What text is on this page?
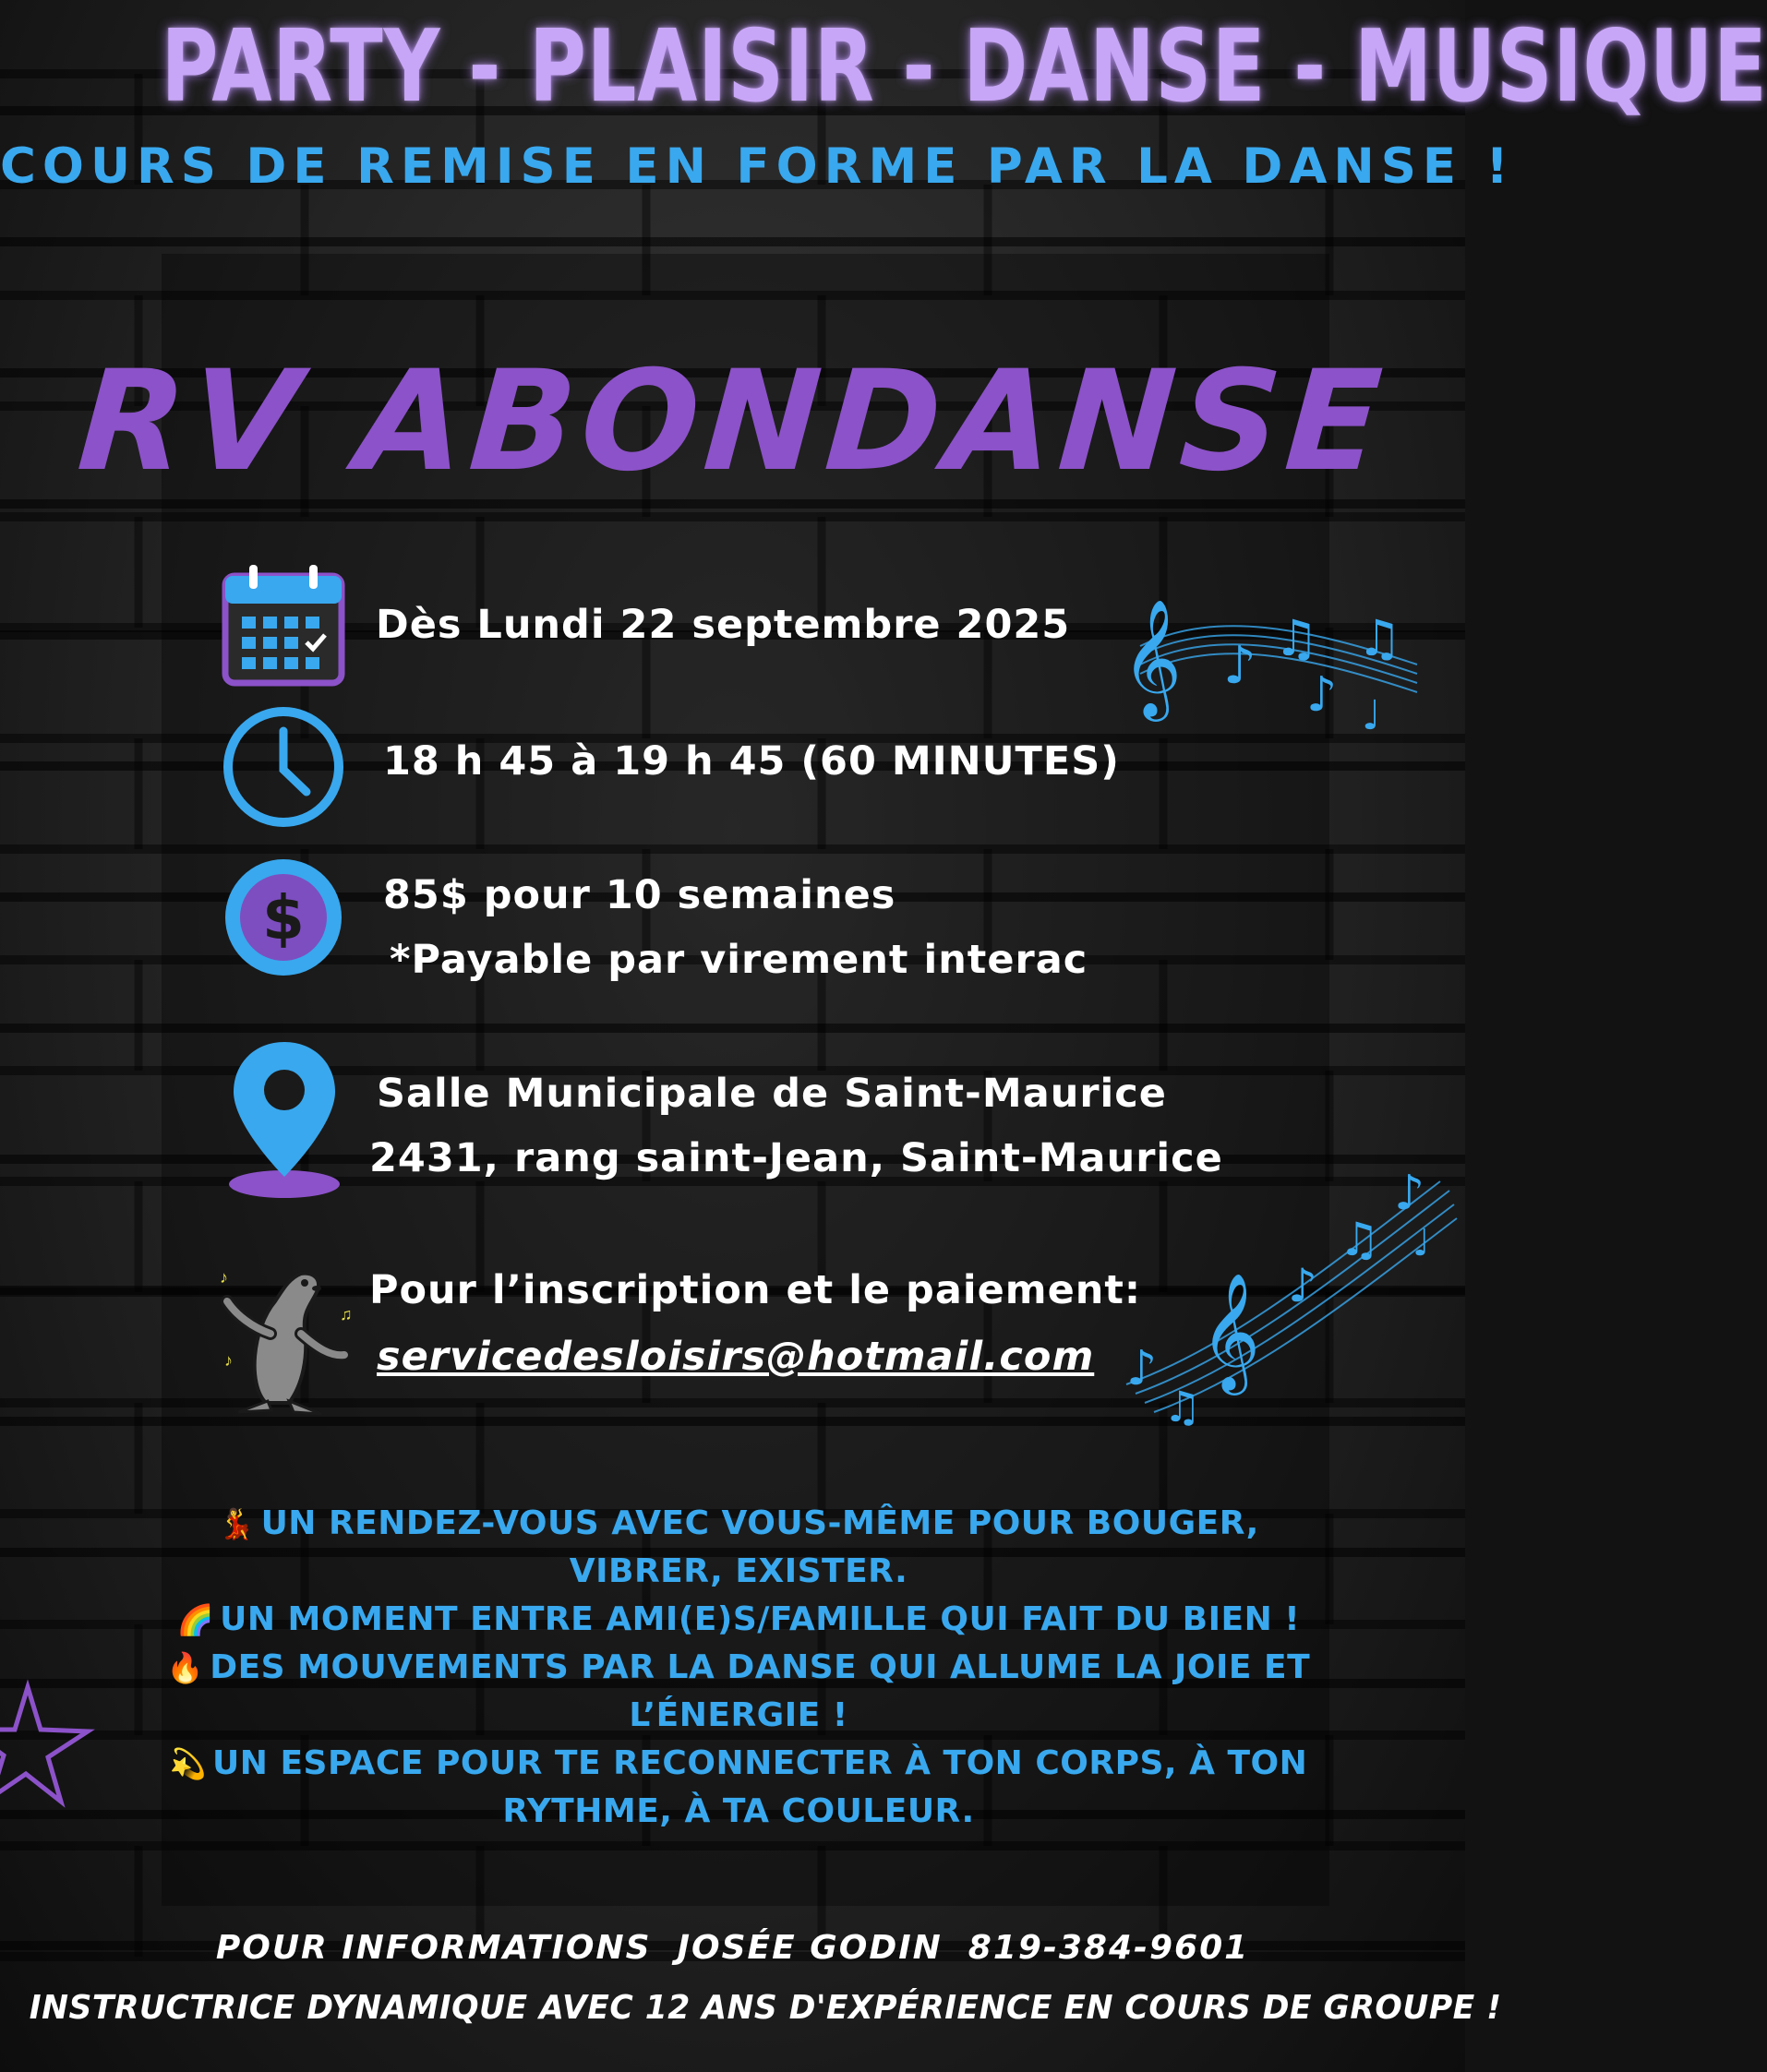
PARTY - PLAISIR - DANSE - MUSIQUE
COURS DE REMISE EN FORME PAR LA DANSE !
RV ABONDANSE
Dès Lundi 22 septembre 2025
18 h 45 à 19 h 45 (60 MINUTES)
$ 85$ pour 10 semaines
*Payable par virement interac
Salle Municipale de Saint-Maurice
2431, rang saint-Jean, Saint-Maurice
♪
♫
♪
Pour l’inscription et le paiement:
servicedesloisirs@hotmail.com
𝄞 ♪ ♫
♪
♫
♩
𝄞
♪
♫
♪
♫
♪
♩
💃 UN RENDEZ-VOUS AVEC VOUS-MÊME POUR BOUGER, VIBRER, EXISTER.
🌈 UN MOMENT ENTRE AMI(E)S/FAMILLE QUI FAIT DU BIEN !
🔥 DES MOUVEMENTS PAR LA DANSE QUI ALLUME LA JOIE ET L’ÉNERGIE !
💫 UN ESPACE POUR TE RECONNECTER À TON CORPS, À TON RYTHME, À TA COULEUR.
POUR INFORMATIONS JOSÉE GODIN 819-384-9601
INSTRUCTRICE DYNAMIQUE AVEC 12 ANS D'EXPÉRIENCE EN COURS DE GROUPE !
